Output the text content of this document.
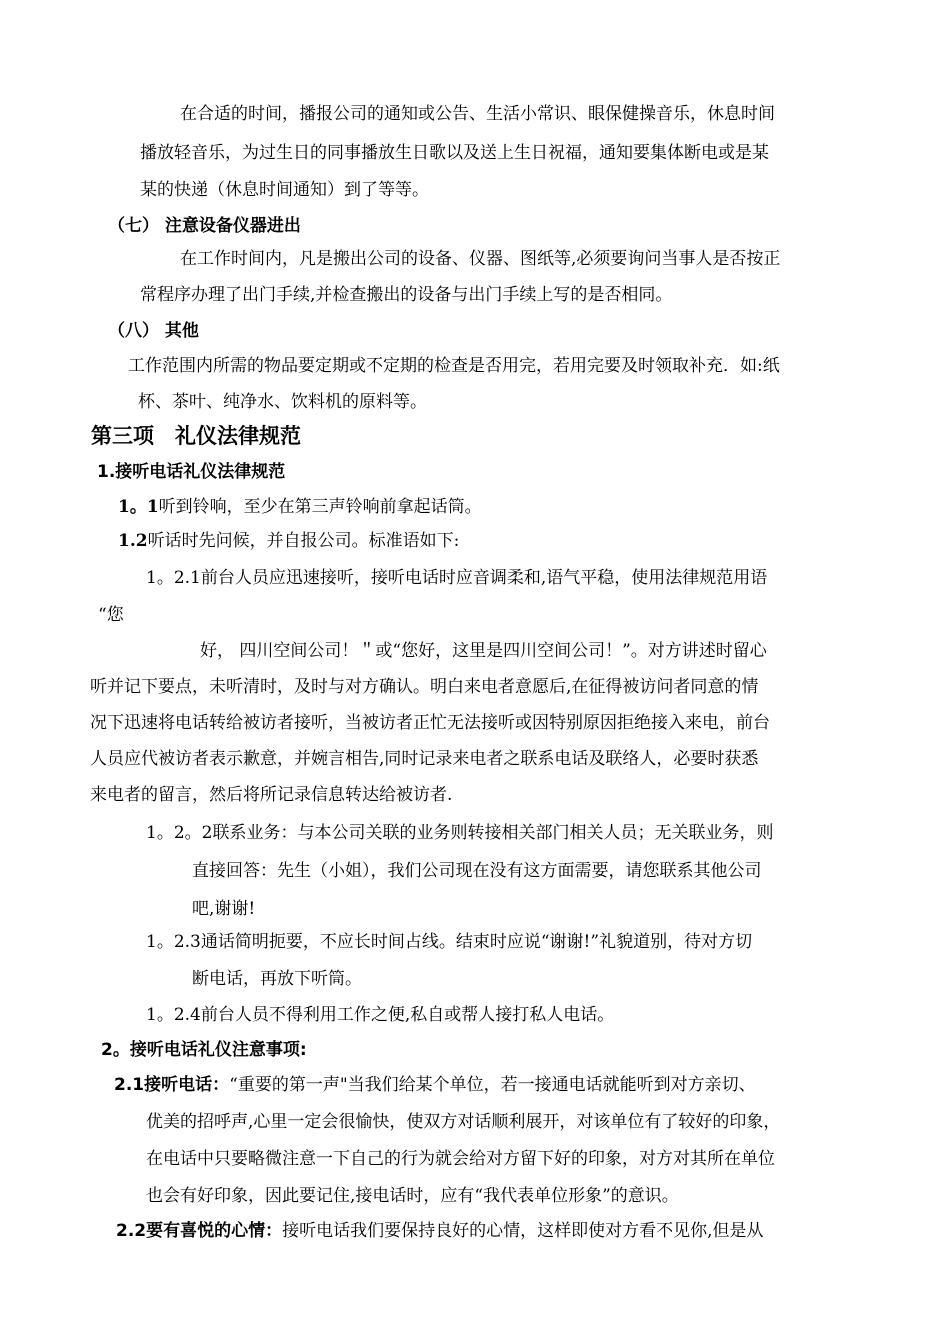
在合适的时间，播报公司的通知或公告、生活小常识、眼保健操音乐，休息时间
播放轻音乐，为过生日的同事播放生日歌以及送上生日祝福，通知要集体断电或是某
某的快递（休息时间通知）到了等等。
（七） 注意设备仪器进出
在工作时间内，凡是搬出公司的设备、仪器、图纸等,必须要询问当事人是否按正
常程序办理了出门手续,并检查搬出的设备与出门手续上写的是否相同。
（八） 其他
工作范围内所需的物品要定期或不定期的检查是否用完，若用完要及时领取补充．如:纸
杯、茶叶、纯净水、饮料机的原料等。
第三项　礼仪法律规范
1.接听电话礼仪法律规范
1。1听到铃响，至少在第三声铃响前拿起话筒。
1.2听话时先问候，并自报公司。标准语如下:
1。2.1前台人员应迅速接听，接听电话时应音调柔和,语气平稳，使用法律规范用语
“您
好， 四川空间公司！＂或“您好，这里是四川空间公司！”。对方讲述时留心
听并记下要点，未听清时，及时与对方确认。明白来电者意愿后,在征得被访问者同意的情
况下迅速将电话转给被访者接听，当被访者正忙无法接听或因特别原因拒绝接入来电，前台
人员应代被访者表示歉意，并婉言相告,同时记录来电者之联系电话及联络人，必要时获悉
来电者的留言，然后将所记录信息转达给被访者.
1。2。2联系业务：与本公司关联的业务则转接相关部门相关人员；无关联业务，则
直接回答：先生（小姐），我们公司现在没有这方面需要，请您联系其他公司
吧,谢谢!
1。2.3通话简明扼要，不应长时间占线。结束时应说“谢谢!”礼貌道别，待对方切
断电话，再放下听筒。
1。2.4前台人员不得利用工作之便,私自或帮人接打私人电话。
2。接听电话礼仪注意事项:
2.1接听电话：“重要的第一声"当我们给某个单位，若一接通电话就能听到对方亲切、
优美的招呼声,心里一定会很愉快，使双方对话顺利展开，对该单位有了较好的印象，
在电话中只要略微注意一下自己的行为就会给对方留下好的印象，对方对其所在单位
也会有好印象，因此要记住,接电话时，应有“我代表单位形象”的意识。
2.2要有喜悦的心情：接听电话我们要保持良好的心情，这样即使对方看不见你,但是从
